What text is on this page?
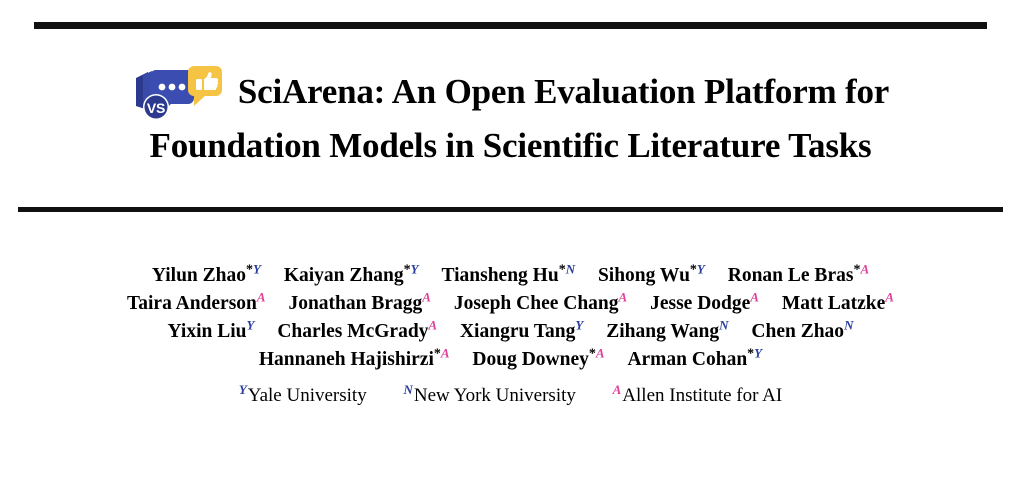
VS SciArena: An Open Evaluation Platform for
Foundation Models in Scientific Literature Tasks
Yilun Zhao$^{*Y}$ Kaiyan Zhang$^{*Y}$ Tiansheng $Hu^{*N}$ Sihong $Wu^{*Y}$ Ronan Le Bras$^{*A}$
Taira Anderson$^A$ Jonathan Bragg$^A$ Joseph Chee Chang$^A$ Jesse Dodge$^A$ Matt Latzke$^A$
Yixin Liu$^Y$ Charles McGrady$^A$ Xiangru Tang$^Y$ Zihang Wang$^N$ Chen Zhao$^N$
Hannaneh Hajishirzi$^{*A}$ Doug Downey$^{*A}$ Arman Cohan$^{*Y}$
$^Y$Yale University	$^N$New York University	$^A$Allen Institute for AI
